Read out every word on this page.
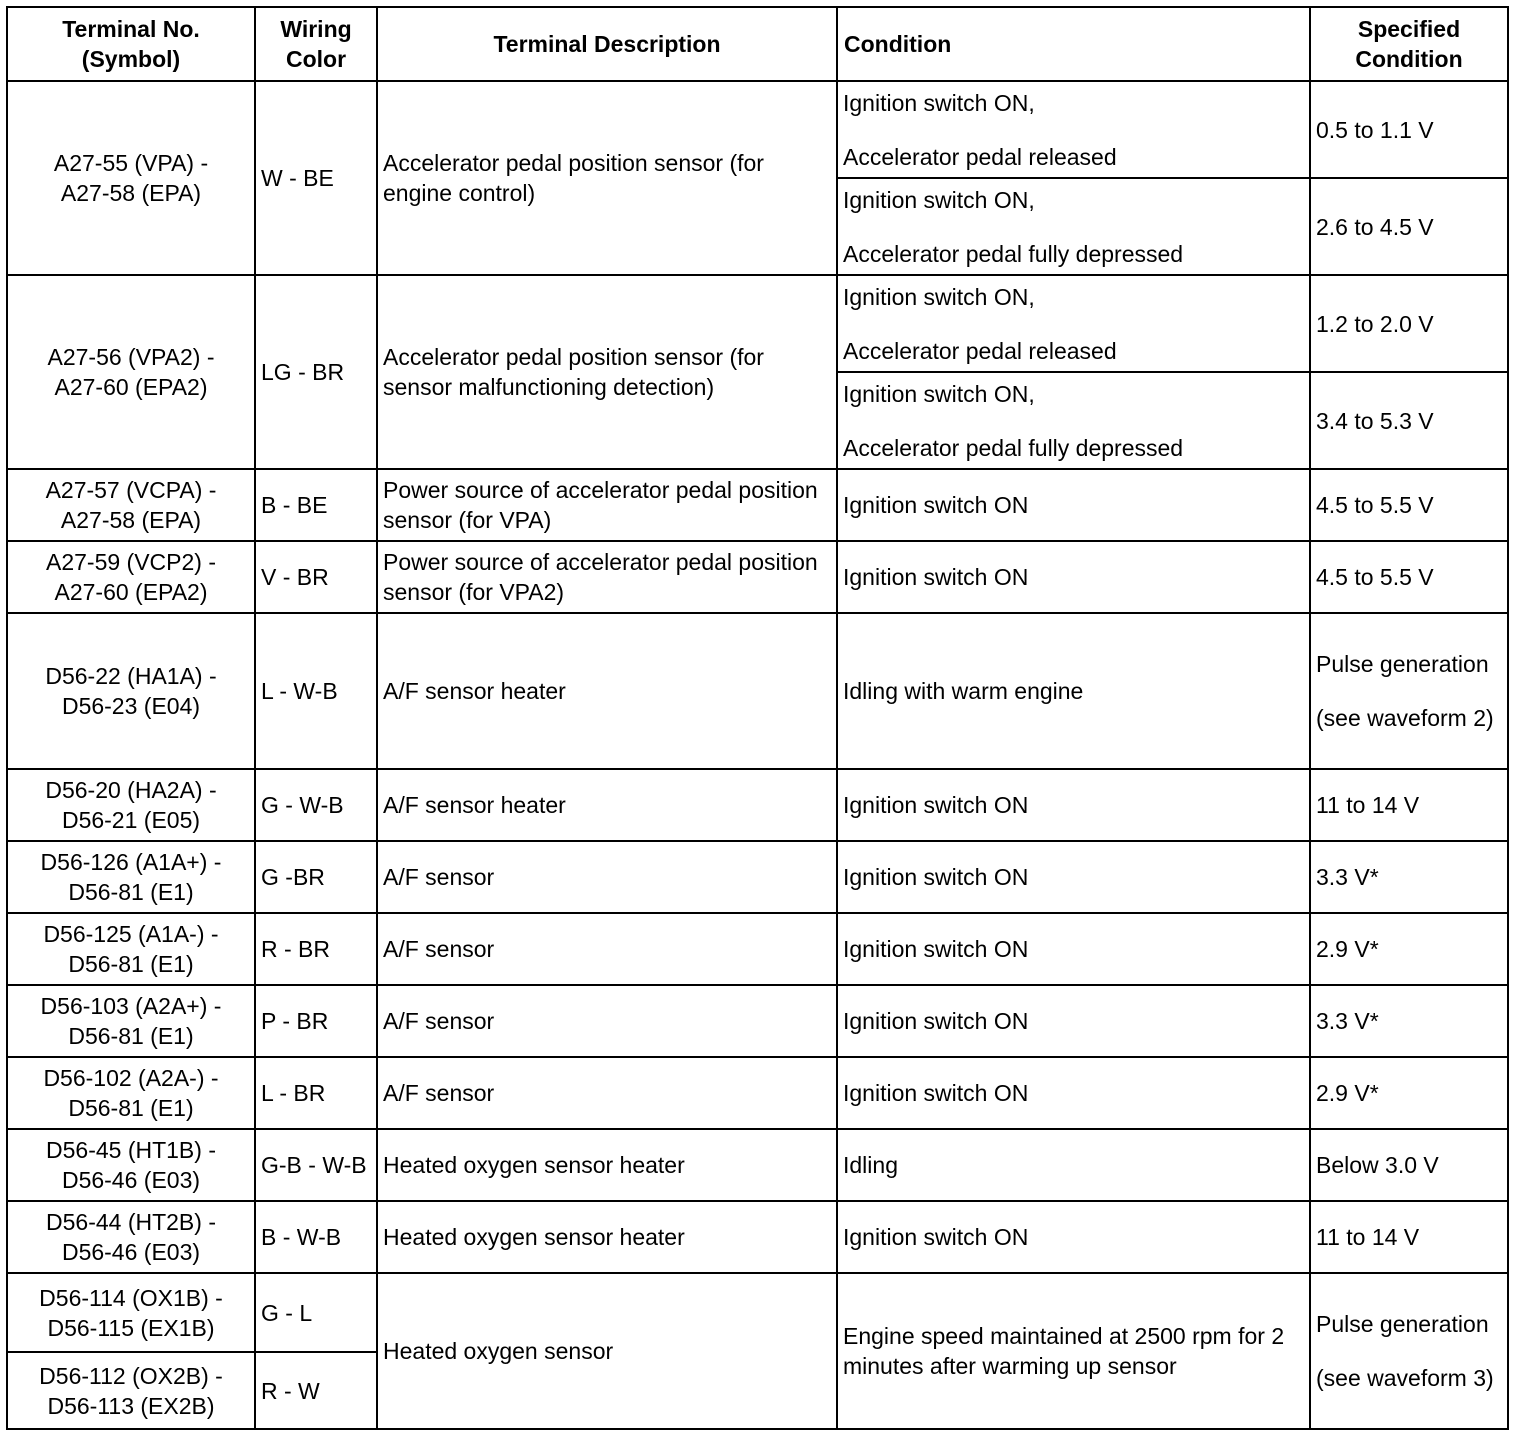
Terminal No. (Symbol)	Wiring Color	Terminal Description	Condition	Specified Condition

A27-55 (VPA) -
A27-58 (EPA)	W - BE	Accelerator pedal position sensor (for engine control)	Ignition switch ON,
Accelerator pedal released	0.5 to 1.1 V

			Ignition switch ON,
Accelerator pedal fully depressed	2.6 to 4.5 V

A27-56 (VPA2) -
A27-60 (EPA2)	LG - BR	Accelerator pedal position sensor (for sensor malfunctioning detection)	Ignition switch ON,
Accelerator pedal released	1.2 to 2.0 V

			Ignition switch ON,
Accelerator pedal fully depressed	3.4 to 5.3 V

A27-57 (VCPA) -
A27-58 (EPA)	B - BE	Power source of accelerator pedal position sensor (for VPA)	Ignition switch ON	4.5 to 5.5 V

A27-59 (VCP2) -
A27-60 (EPA2)	V - BR	Power source of accelerator pedal position sensor (for VPA2)	Ignition switch ON	4.5 to 5.5 V

D56-22 (HA1A) -
D56-23 (E04)	L - W-B	A/F sensor heater	Idling with warm engine	Pulse generation
(see waveform 2)

D56-20 (HA2A) -
D56-21 (E05)	G - W-B	A/F sensor heater	Ignition switch ON	11 to 14 V

D56-126 (A1A+) -
D56-81 (E1)	G -BR	A/F sensor	Ignition switch ON	3.3 V*

D56-125 (A1A-) -
D56-81 (E1)	R - BR	A/F sensor	Ignition switch ON	2.9 V*

D56-103 (A2A+) -
D56-81 (E1)	P - BR	A/F sensor	Ignition switch ON	3.3 V*

D56-102 (A2A-) -
D56-81 (E1)	L - BR	A/F sensor	Ignition switch ON	2.9 V*

D56-45 (HT1B) -
D56-46 (E03)	G-B - W-B	Heated oxygen sensor heater	Idling	Below 3.0 V

D56-44 (HT2B) -
D56-46 (E03)	B - W-B	Heated oxygen sensor heater	Ignition switch ON	11 to 14 V

D56-114 (OX1B) -
D56-115 (EX1B)	G - L	Heated oxygen sensor	Engine speed maintained at 2500 rpm for 2 minutes after warming up sensor	Pulse generation
(see waveform 3)

D56-112 (OX2B) -
D56-113 (EX2B)	R - W			
